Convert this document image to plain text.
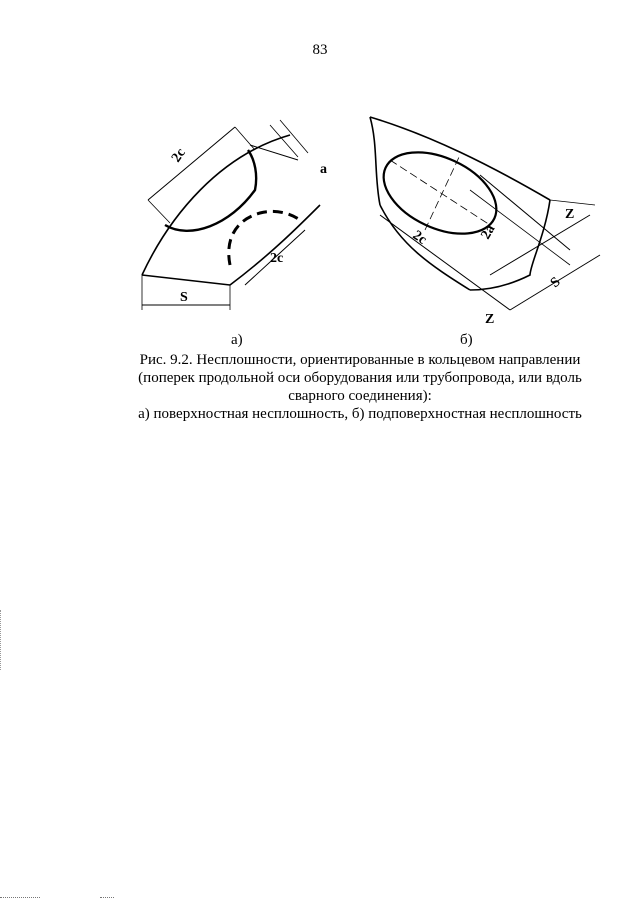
83
2c
a
2c
S
2c	2a
Z
S
Z
а)	б)
Рис. 9.2. Несплошности, ориентированные в кольцевом направлении
(поперек продольной оси оборудования или трубопровода, или вдоль
сварного соединения):
а) поверхностная несплошность, б) подповерхностная несплошность
